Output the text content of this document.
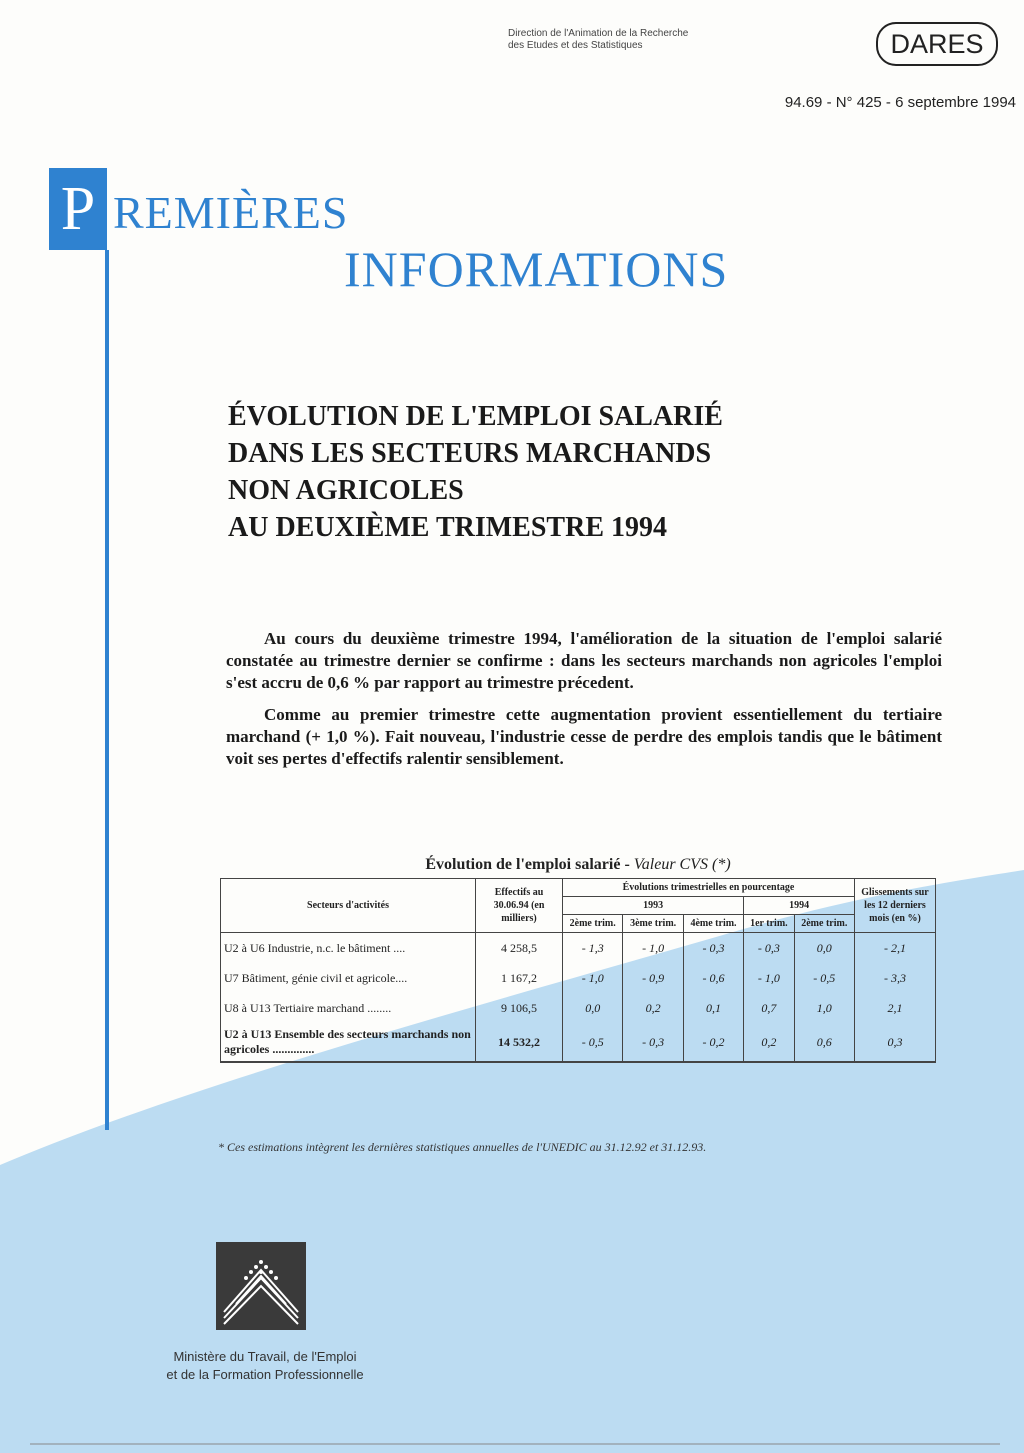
Direction de l'Animation de la Recherche
des Etudes et des Statistiques	DARES
94.69 - N° 425 - 6 septembre 1994
P REMIÈRES
INFORMATIONS
ÉVOLUTION DE L'EMPLOI SALARIÉ
DANS LES SECTEURS MARCHANDS
NON AGRICOLES
AU DEUXIÈME TRIMESTRE 1994

Au cours du deuxième trimestre 1994, l'amélioration de la situation de l'emploi salarié constatée au trimestre dernier se confirme : dans les secteurs marchands non agricoles l'emploi s'est accru de 0,6 % par rapport au trimestre précedent.

Comme au premier trimestre cette augmentation provient essentiellement du tertiaire marchand (+ 1,0 %). Fait nouveau, l'industrie cesse de perdre des emplois tandis que le bâtiment voit ses pertes d'effectifs ralentir sensiblement.

Évolution de l'emploi salarié - Valeur CVS (*)
Secteurs d'activités	Effectifs au 30.06.94 (en milliers)	Évolutions trimestrielles en pourcentage					Glissements sur les 12 derniers mois (en %)
		1993			1994		
		2ème trim.	3ème trim.	4ème trim.	1er trim.	2ème trim.	
U2 à U6 Industrie, n.c. le bâtiment ....	4 258,5	- 1,3	- 1,0	- 0,3	- 0,3	0,0	- 2,1
U7 Bâtiment, génie civil et agricole....	1 167,2	- 1,0	- 0,9	- 0,6	- 1,0	- 0,5	- 3,3
U8 à U13 Tertiaire marchand ........	9 106,5	0,0	0,2	0,1	0,7	1,0	2,1
U2 à U13 Ensemble des secteurs marchands non agricoles ..............	14 532,2	- 0,5	- 0,3	- 0,2	0,2	0,6	0,3
* Ces estimations intègrent les dernières statistiques annuelles de l'UNEDIC au 31.12.92 et 31.12.93.
Ministère du Travail, de l'Emploi
et de la Formation Professionnelle
